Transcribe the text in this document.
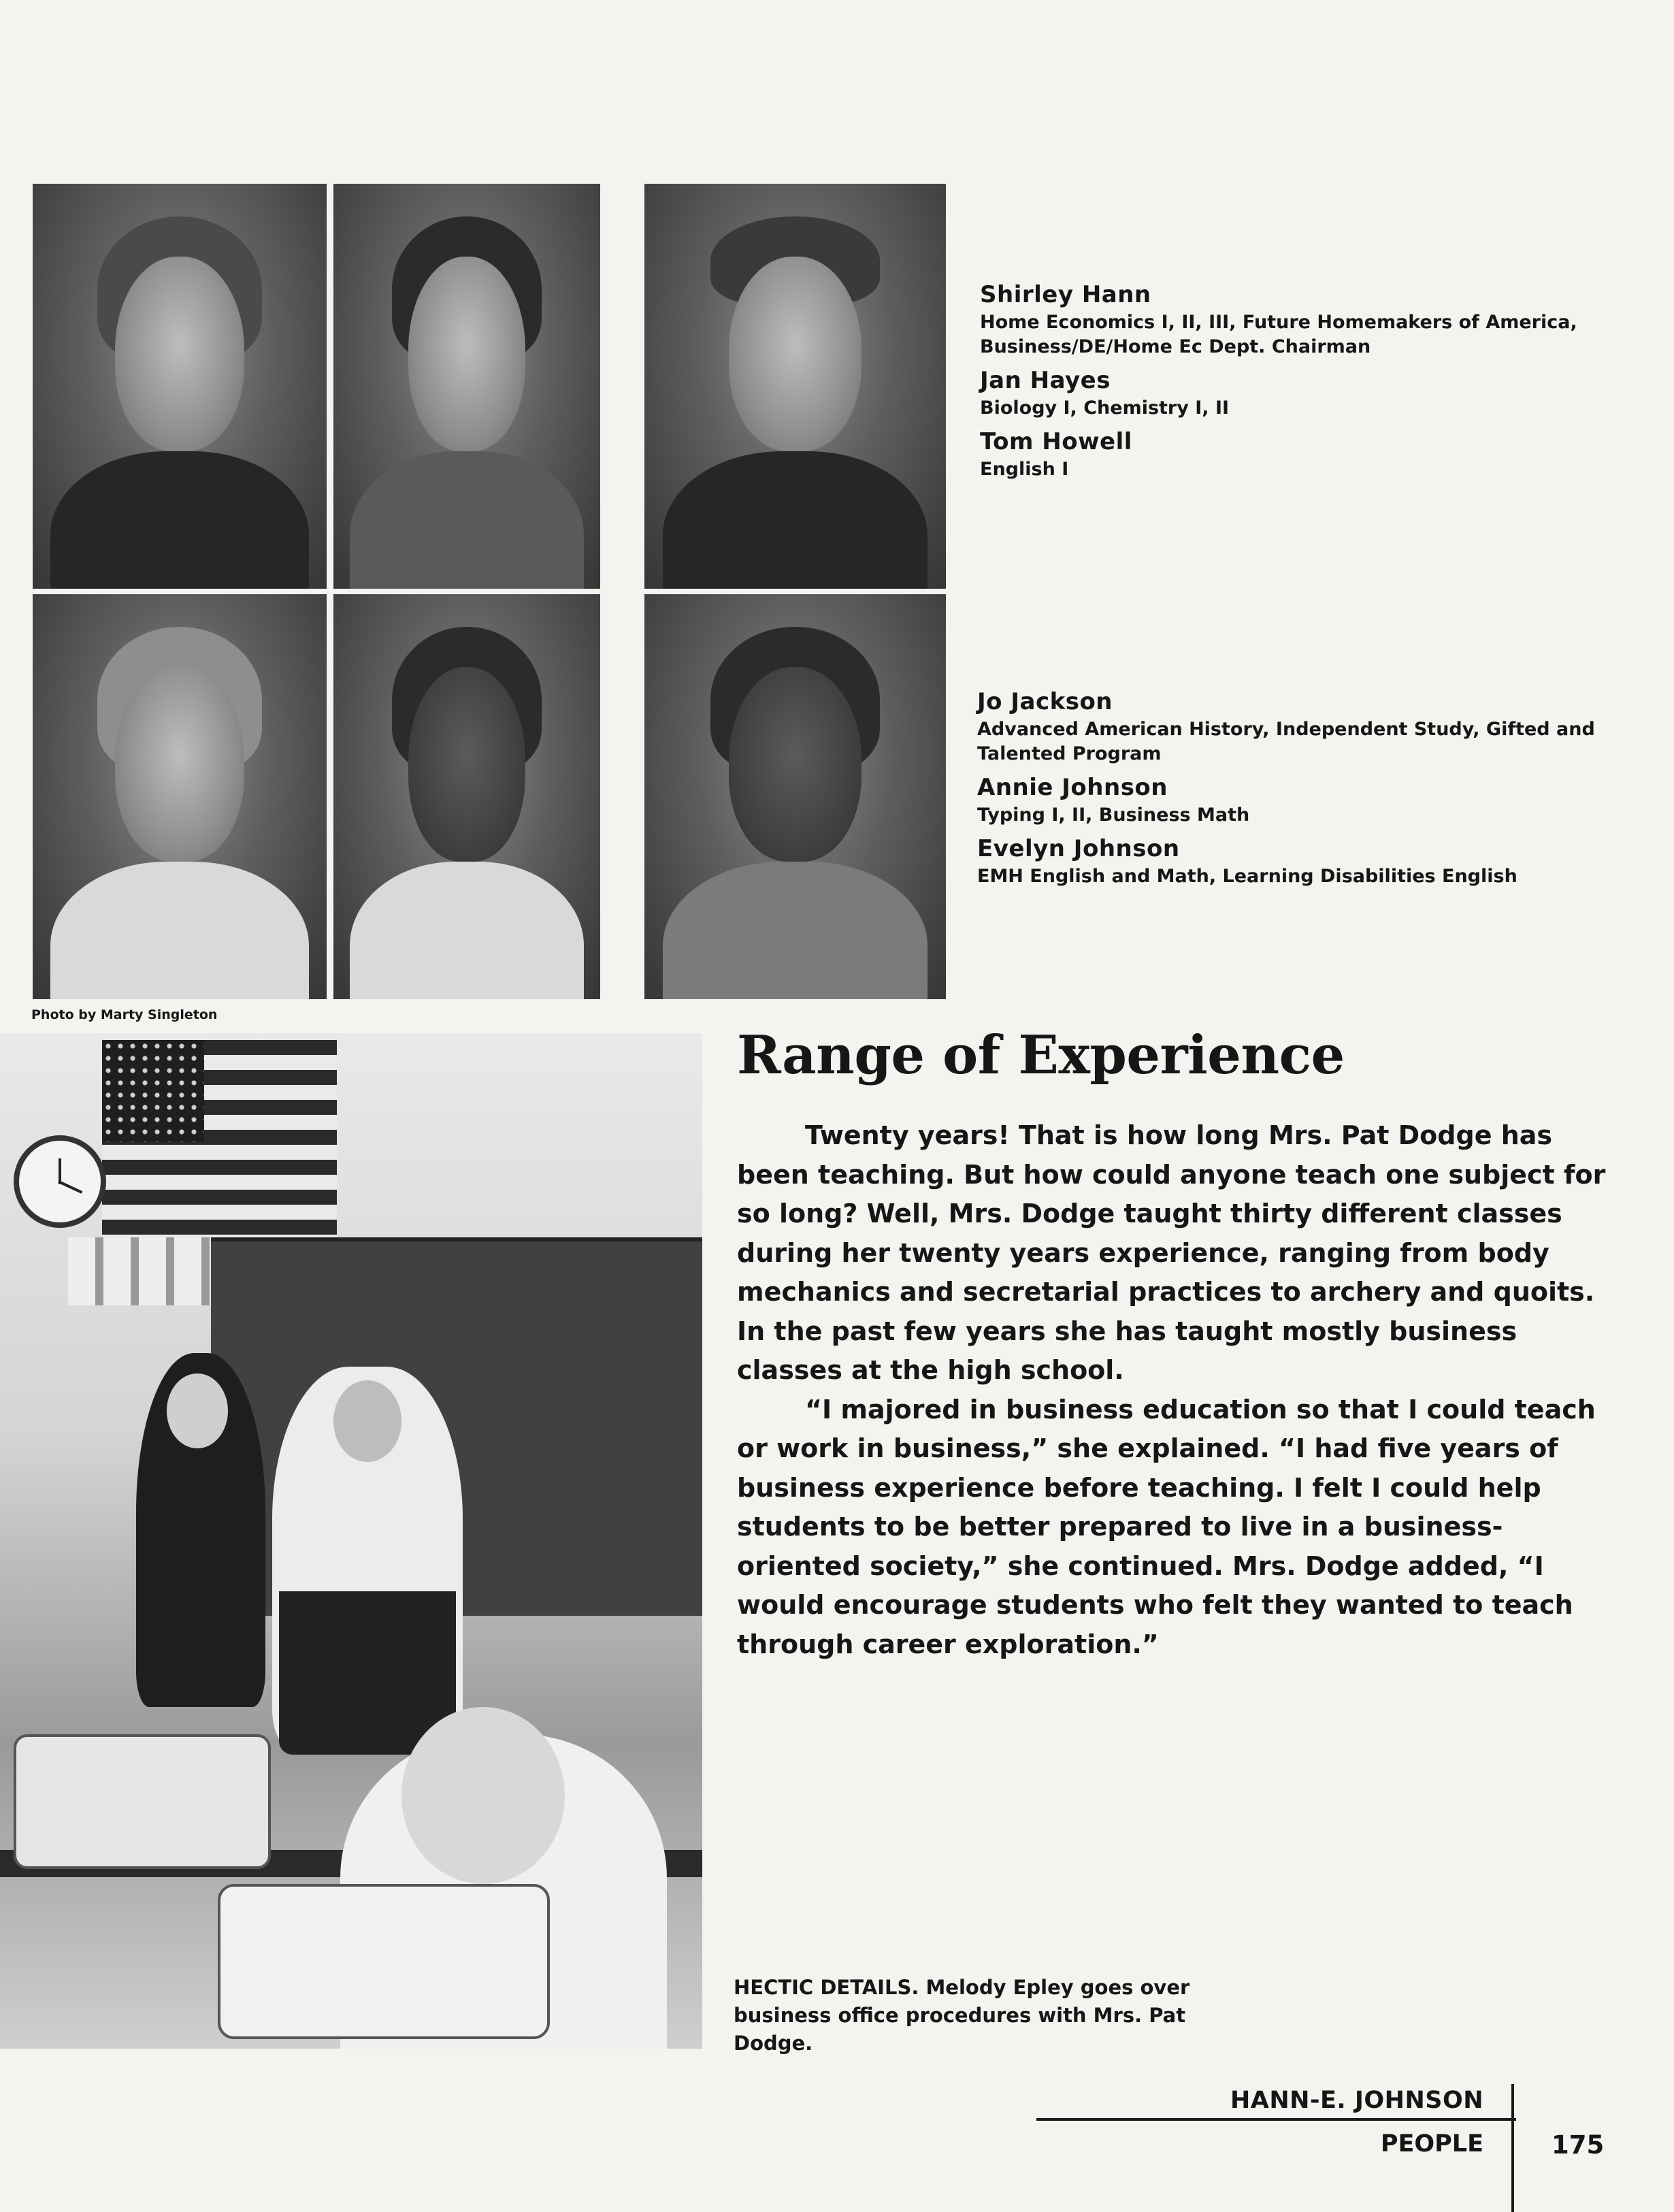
Shirley Hann

Home Economics I, II, III, Future Homemakers of America, Business/DE/Home Ec Dept. Chairman

Jan Hayes

Biology I, Chemistry I, II

Tom Howell

English I

Jo Jackson

Advanced American History, Independent Study, Gifted and Talented Program

Annie Johnson

Typing I, II, Business Math

Evelyn Johnson

EMH English and Math, Learning Disabilities English

Photo by Marty Singleton
Range of Experience

Twenty years! That is how long Mrs. Pat Dodge has been teaching. But how could anyone teach one subject for so long? Well, Mrs. Dodge taught thirty different classes during her twenty years experience, ranging from body mechanics and secretarial practices to archery and quoits. In the past few years she has taught mostly business classes at the high school.

“I majored in business education so that I could teach or work in business,” she explained. “I had five years of business experience before teaching. I felt I could help students to be better prepared to live in a business-oriented society,” she continued. Mrs. Dodge added, “I would encourage students who felt they wanted to teach through career exploration.”

HECTIC DETAILS. Melody Epley goes over business office procedures with Mrs. Pat Dodge.

HANN-E. JOHNSON
PEOPLE	175
